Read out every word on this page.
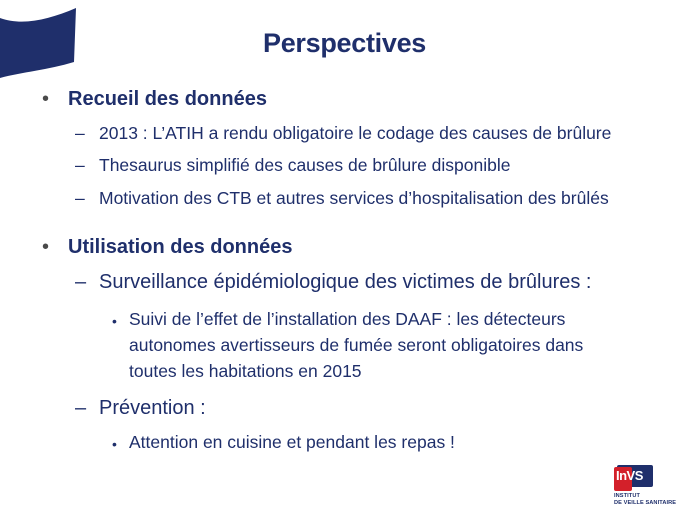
Perspectives
• Recueil des données
– 2013 : L’ATIH a rendu obligatoire le codage des causes de brûlure
– Thesaurus simplifié des causes de brûlure disponible
– Motivation des CTB et autres services d’hospitalisation des brûlés
• Utilisation des données
– Surveillance épidémiologique des victimes de brûlures :
• Suivi de l’effet de l’installation des DAAF : les détecteurs
autonomes avertisseurs de fumée seront obligatoires dans
toutes les habitations en 2015
– Prévention :
• Attention en cuisine et pendant les repas !
InVS
INSTITUT
DE VEILLE SANITAIRE
